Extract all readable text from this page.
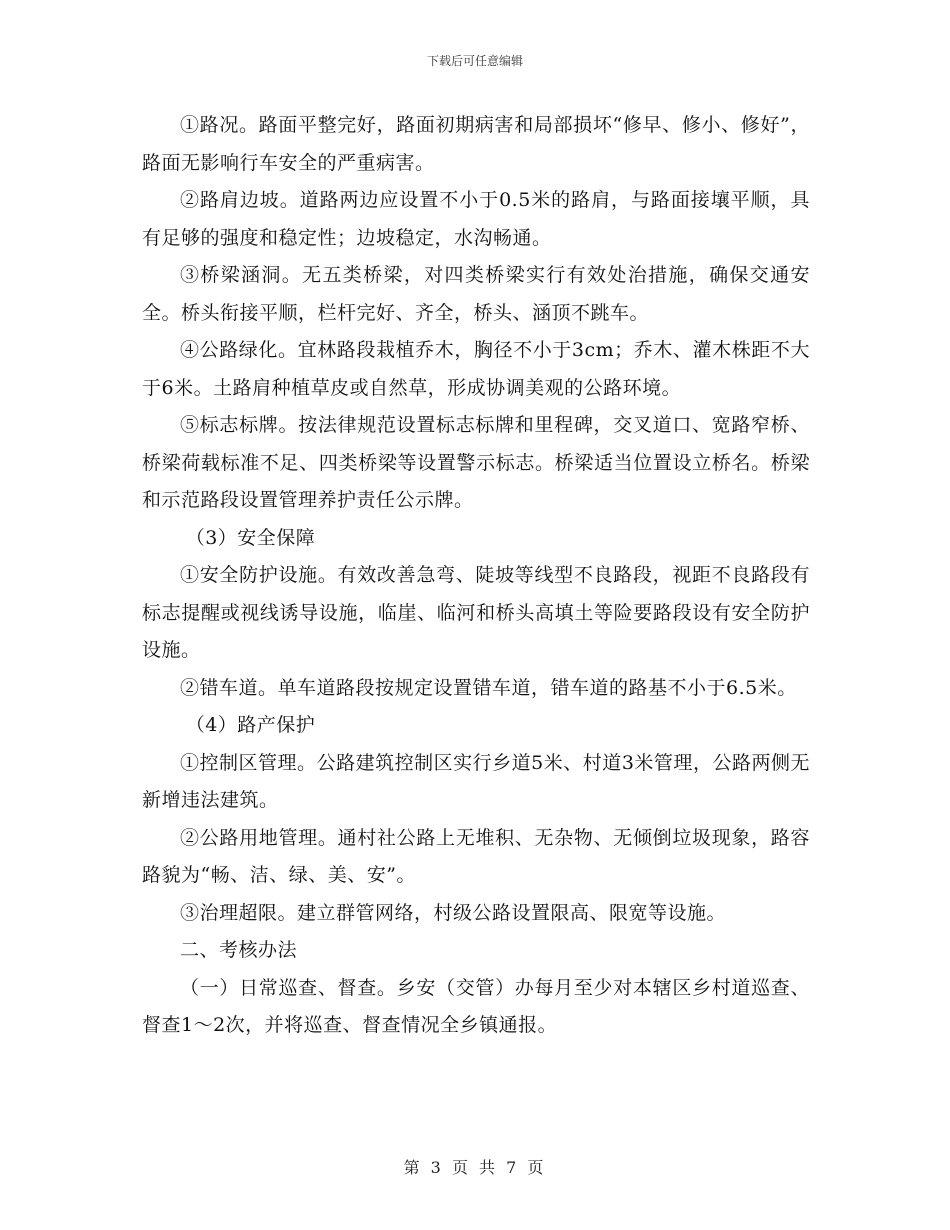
下载后可任意编辑

①路况。路面平整完好，路面初期病害和局部损坏“修早、修小、修好”，路面无影响行车安全的严重病害。

②路肩边坡。道路两边应设置不小于0.5米的路肩，与路面接壤平顺，具有足够的强度和稳定性；边坡稳定，水沟畅通。

③桥梁涵洞。无五类桥梁，对四类桥梁实行有效处治措施，确保交通安全。桥头衔接平顺，栏杆完好、齐全，桥头、涵顶不跳车。

④公路绿化。宜林路段栽植乔木，胸径不小于3cm；乔木、灌木株距不大于6米。土路肩种植草皮或自然草，形成协调美观的公路环境。

⑤标志标牌。按法律规范设置标志标牌和里程碑，交叉道口、宽路窄桥、桥梁荷载标准不足、四类桥梁等设置警示标志。桥梁适当位置设立桥名。桥梁和示范路段设置管理养护责任公示牌。

（3）安全保障

①安全防护设施。有效改善急弯、陡坡等线型不良路段，视距不良路段有标志提醒或视线诱导设施，临崖、临河和桥头高填土等险要路段设有安全防护设施。

②错车道。单车道路段按规定设置错车道，错车道的路基不小于6.5米。

（4）路产保护

①控制区管理。公路建筑控制区实行乡道5米、村道3米管理，公路两侧无新增违法建筑。

②公路用地管理。通村社公路上无堆积、无杂物、无倾倒垃圾现象，路容路貌为“畅、洁、绿、美、安”。

③治理超限。建立群管网络，村级公路设置限高、限宽等设施。

二、考核办法

（一）日常巡查、督查。乡安（交管）办每月至少对本辖区乡村道巡查、督查1～2次，并将巡查、督查情况全乡镇通报。

第 3 页 共 7 页
